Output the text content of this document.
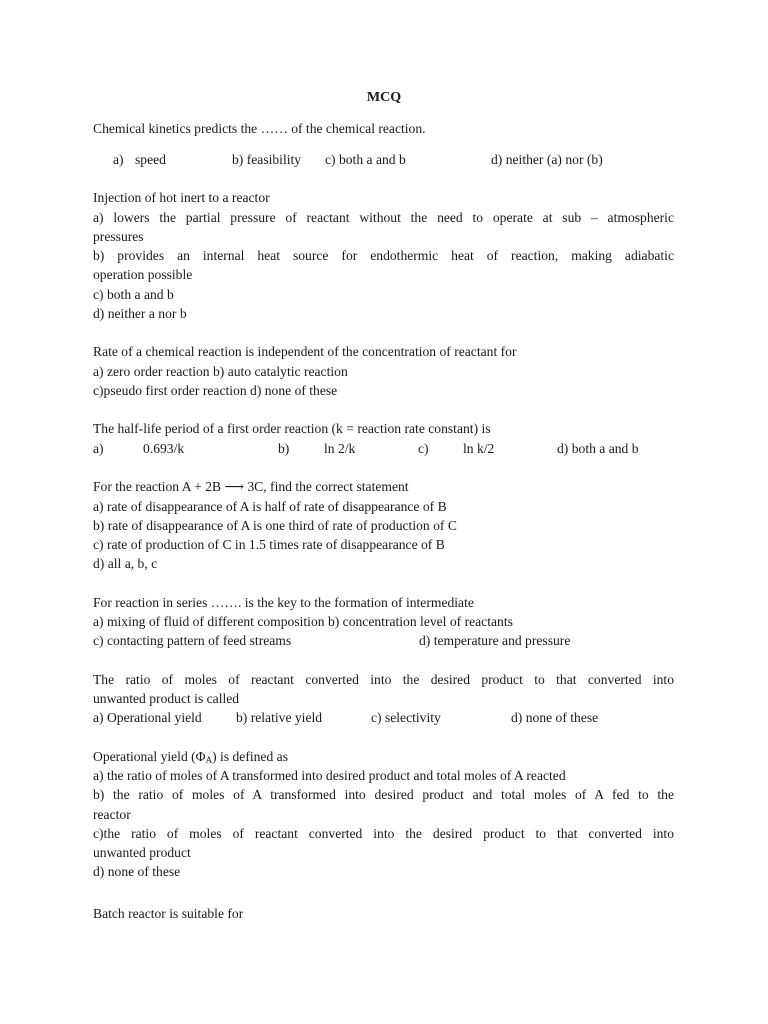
MCQ
Chemical kinetics predicts the …… of the chemical reaction.
a) speed	b) feasibility c) both a and b	d) neither (a) nor (b)
Injection of hot inert to a reactor
a) lowers the partial pressure of reactant without the need to operate at sub – atmospheric
pressures
b) provides an internal heat source for endothermic heat of reaction, making adiabatic
operation possible
c) both a and b
d) neither a nor b
Rate of a chemical reaction is independent of the concentration of reactant for
a) zero order reaction b) auto catalytic reaction
c)pseudo first order reaction d) none of these
The half-life period of a first order reaction (k = reaction rate constant) is
a)	0.693/k	b)	ln 2/k	c)	ln k/2	d) both a and b
For the reaction A + 2B ⟶ 3C, find the correct statement
a) rate of disappearance of A is half of rate of disappearance of B
b) rate of disappearance of A is one third of rate of production of C
c) rate of production of C in 1.5 times rate of disappearance of B
d) all a, b, c
For reaction in series ……. is the key to the formation of intermediate
a) mixing of fluid of different composition b) concentration level of reactants
c) contacting pattern of feed streams	d) temperature and pressure
The ratio of moles of reactant converted into the desired product to that converted into
unwanted product is called
a) Operational yield	b) relative yield	c) selectivity	d) none of these
Operational yield $(\Phi_A)$ is defined as
a) the ratio of moles of A transformed into desired product and total moles of A reacted
b) the ratio of moles of A transformed into desired product and total moles of A fed to the
reactor
c)the ratio of moles of reactant converted into the desired product to that converted into
unwanted product
d) none of these
Batch reactor is suitable for
